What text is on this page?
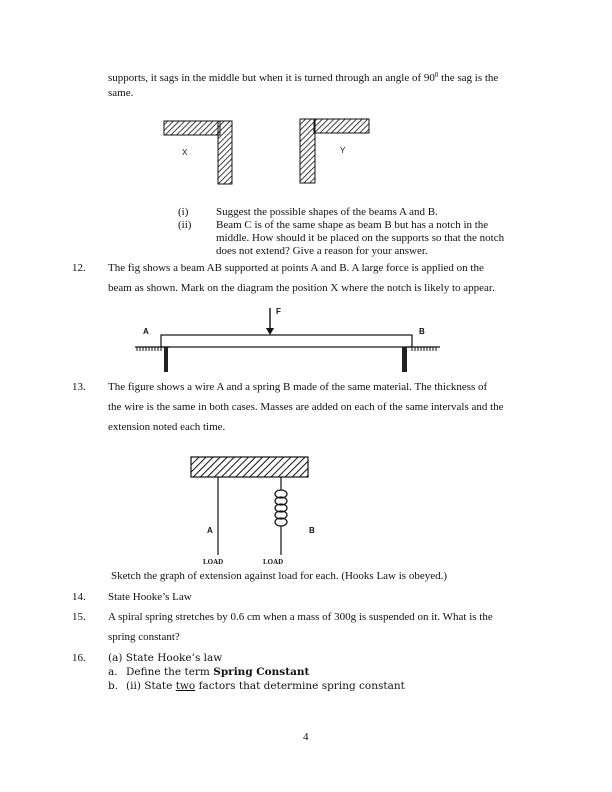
supports, it sags in the middle but when it is turned through an angle of $90^0$ the sag is the
same.
X	Y
(i)	Suggest the possible shapes of the beams A and B.
(ii) Beam C is of the same shape as beam B but has a notch in the
middle. How should it be placed on the supports so that the notch
does not extend? Give a reason for your answer.
12. The fig shows a beam AB supported at points A and B. A large force is applied on the
beam as shown. Mark on the diagram the position X where the notch is likely to appear.
A	B
F
13. The figure shows a wire A and a spring B made of the same material. The thickness of
the wire is the same in both cases. Masses are added on each of the same intervals and the
extension noted each time.
A	B
LOAD	LOAD
Sketch the graph of extension against load for each. (Hooks Law is obeyed.)
14. State Hooke’s Law
15. A spiral spring stretches by 0.6 cm when a mass of 300g is suspended on it. What is the
spring constant?
16. (a) State Hooke’s law
a. Define the term Spring Constant
b. (ii) State two factors that determine spring constant
4
